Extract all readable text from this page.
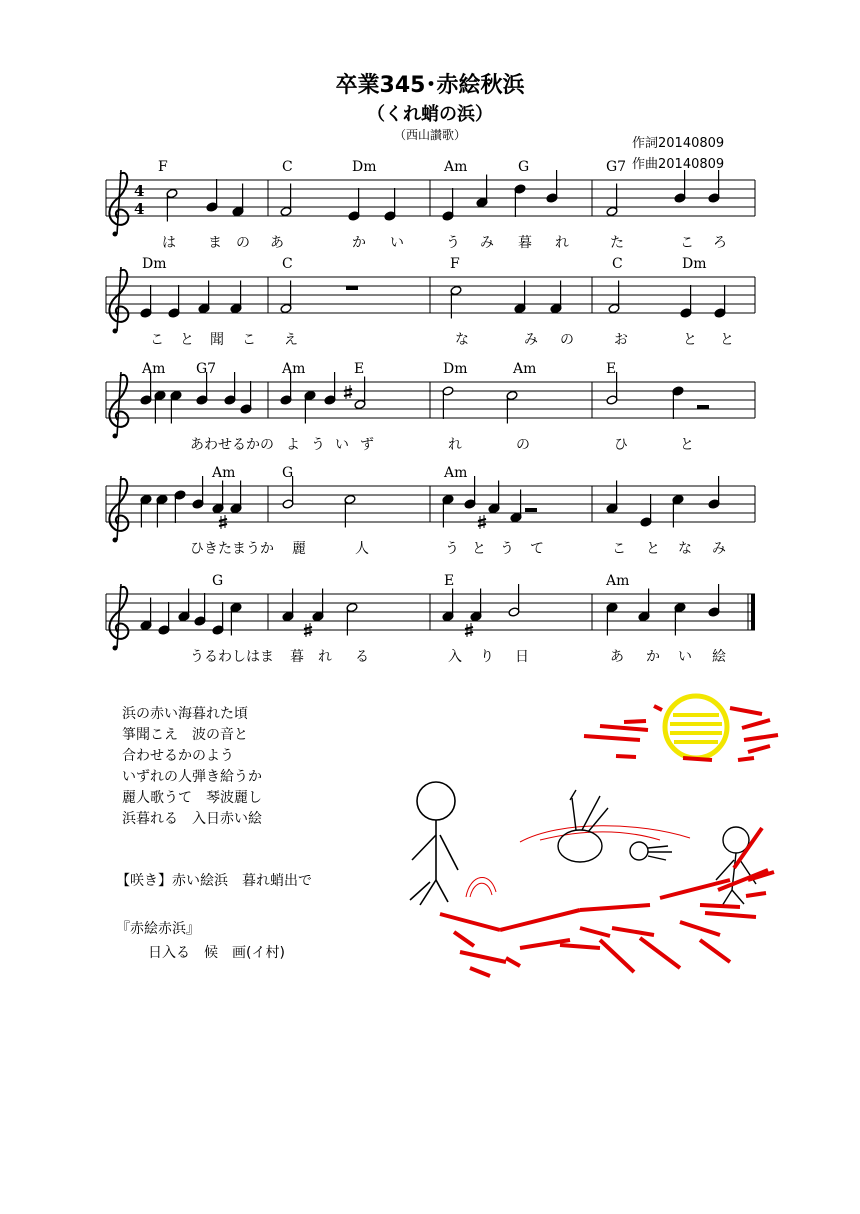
卒業345･赤絵秋浜
（くれ蛸の浜）
（西山讃歌）
作詞20140809
作曲20140809
4
4
F	C	Dm	Am	G	G7
は ま の あ	か い	う み 暮 れ	た	こ ろ
Dm	C	F	C	Dm
こ と 聞 こ え	な	み の	お	と と
Am G7	Am	E	Dm	Am	E
あわせるかの よ う い ず	れ	の	ひ	と
Am	G	Am
ひきたまうか 麗	人	う と う て	こ と な み
G	E	Am
うるわしはま 暮 れ る	入 り 日	あ か い 絵
浜の赤い海暮れた頃
箏聞こえ　波の音と
合わせるかのよう
いずれの人弾き給うか
麗人歌うて　琴波麗し
浜暮れる　入日赤い絵
【咲き】赤い絵浜　暮れ蛸出で
『赤絵赤浜』
日入る　候　画(イ村)
